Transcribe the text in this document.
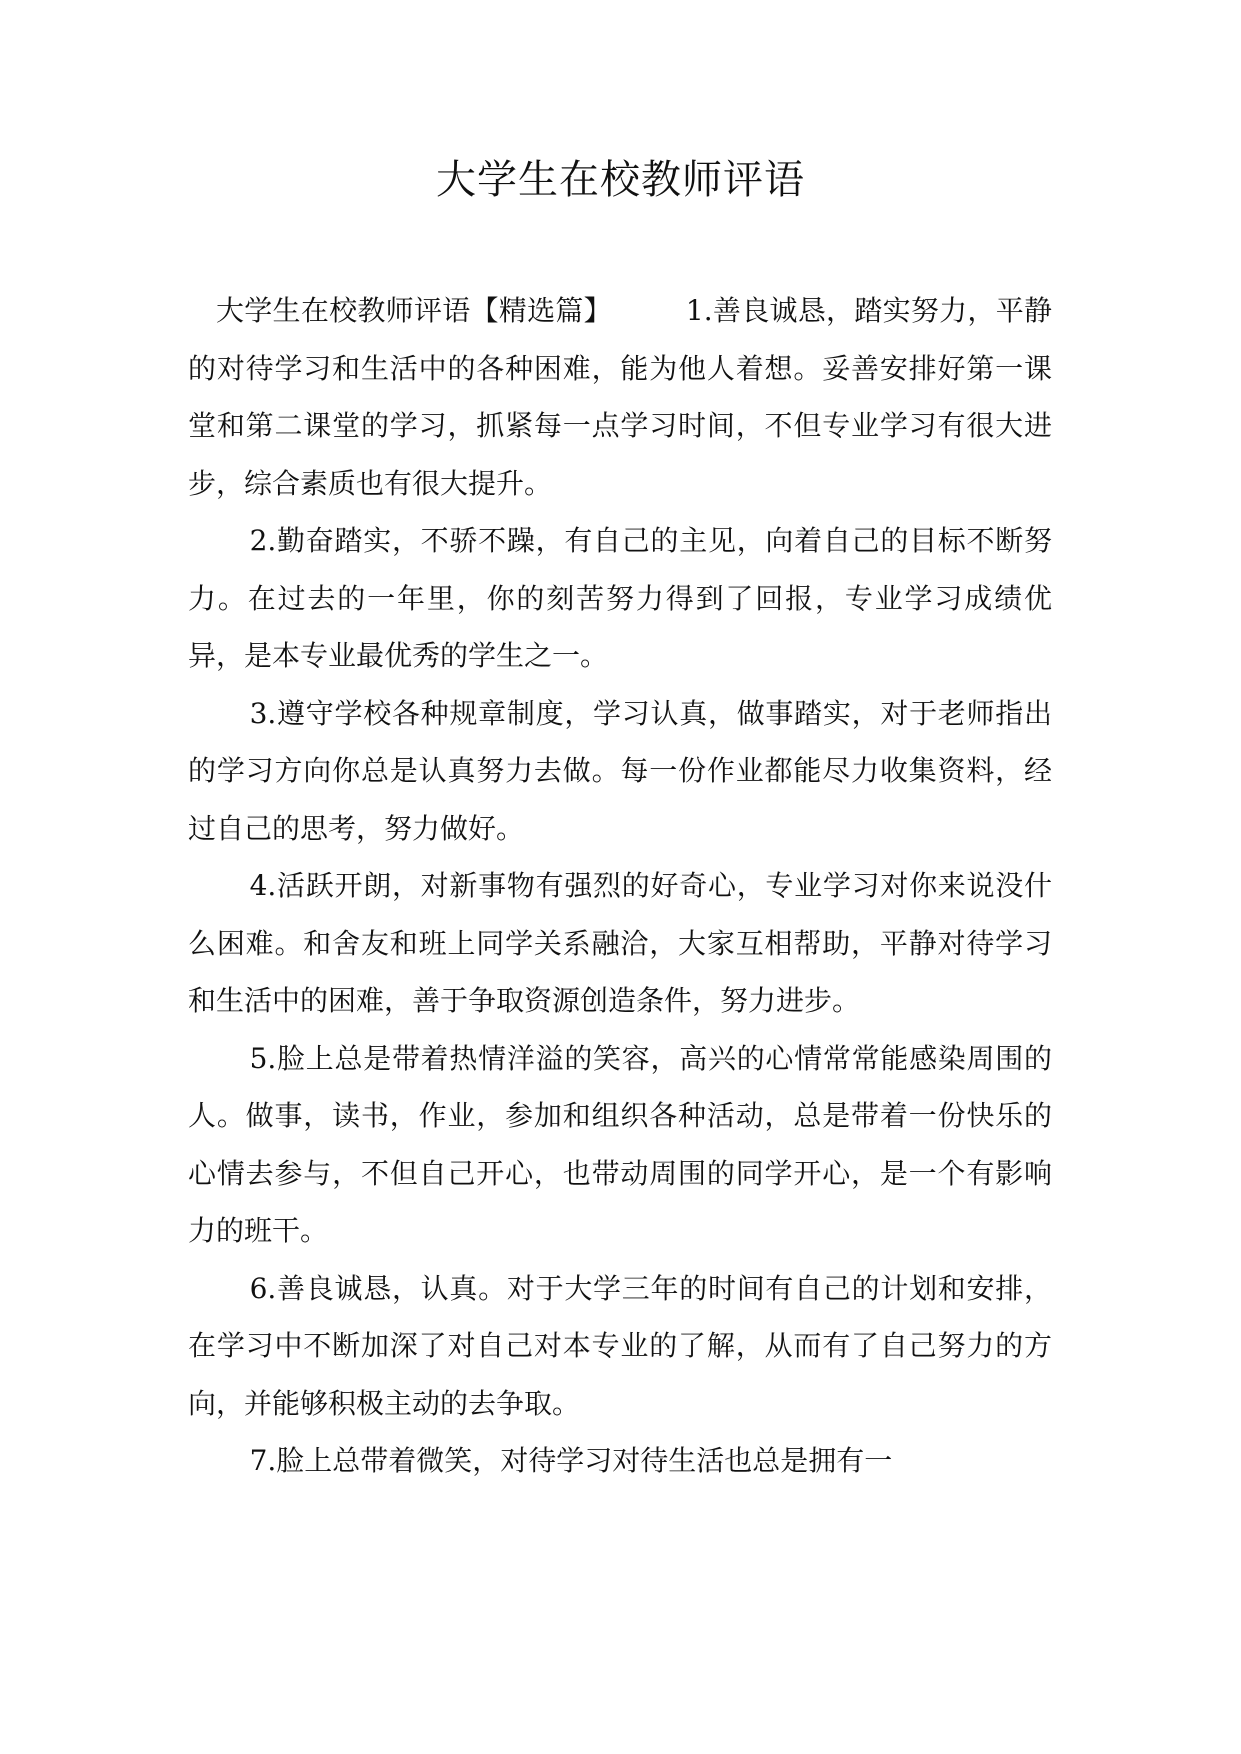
大学生在校教师评语

大学生在校教师评语【精选篇】	1.善良诚恳，踏实努力，平静的对待学习和生活中的各种困难，能为他人着想。妥善安排好第一课堂和第二课堂的学习，抓紧每一点学习时间，不但专业学习有很大进步，综合素质也有很大提升。

2.勤奋踏实，不骄不躁，有自己的主见，向着自己的目标不断努力。在过去的一年里，你的刻苦努力得到了回报，专业学习成绩优异，是本专业最优秀的学生之一。

3.遵守学校各种规章制度，学习认真，做事踏实，对于老师指出的学习方向你总是认真努力去做。每一份作业都能尽力收集资料，经过自己的思考，努力做好。

4.活跃开朗，对新事物有强烈的好奇心，专业学习对你来说没什么困难。和舍友和班上同学关系融洽，大家互相帮助，平静对待学习和生活中的困难，善于争取资源创造条件，努力进步。

5.脸上总是带着热情洋溢的笑容，高兴的心情常常能感染周围的人。做事，读书，作业，参加和组织各种活动，总是带着一份快乐的心情去参与，不但自己开心，也带动周围的同学开心，是一个有影响力的班干。

6.善良诚恳，认真。对于大学三年的时间有自己的计划和安排，在学习中不断加深了对自己对本专业的了解，从而有了自己努力的方向，并能够积极主动的去争取。

7.脸上总带着微笑，对待学习对待生活也总是拥有一
